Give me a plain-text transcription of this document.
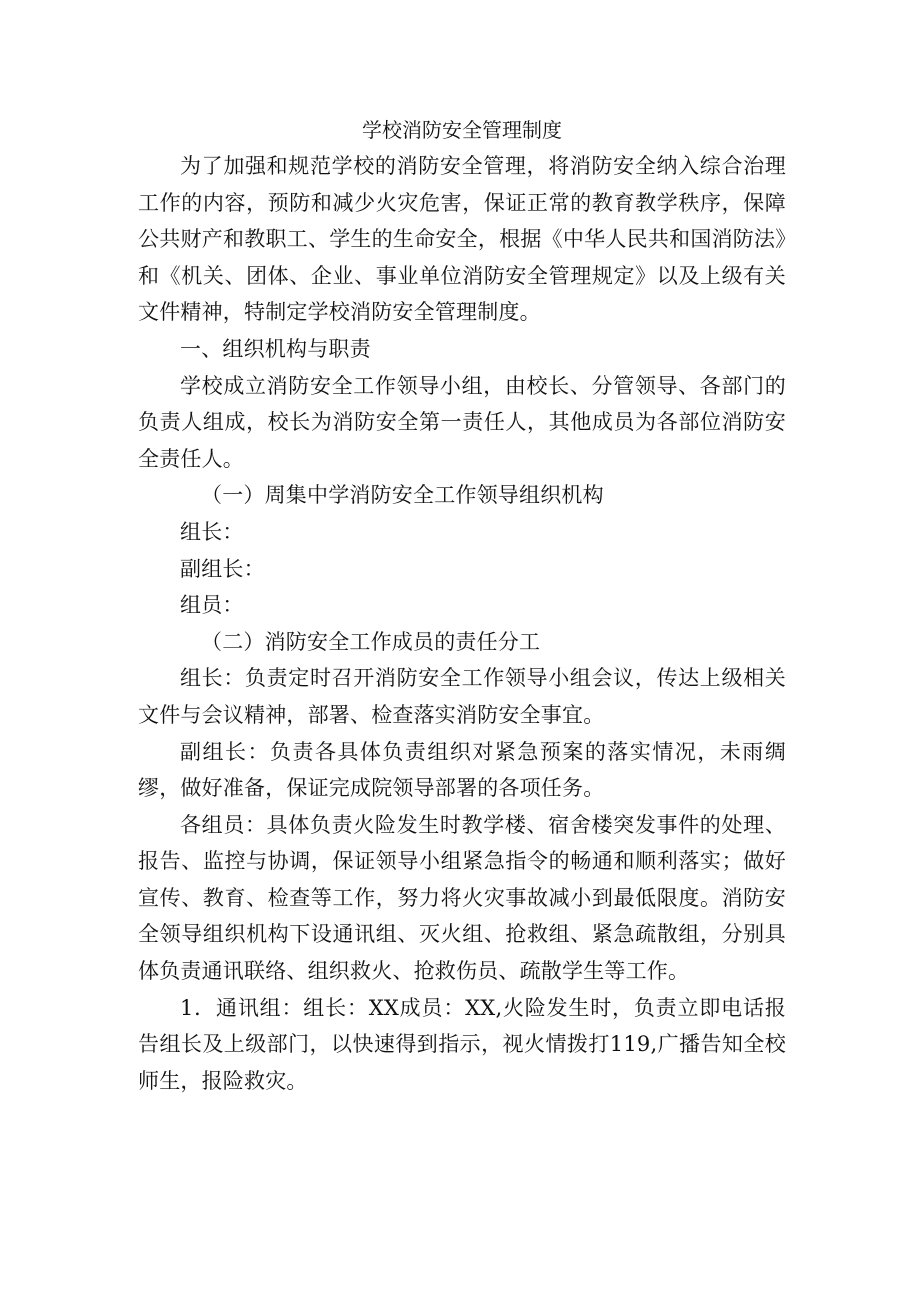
学校消防安全管理制度

为了加强和规范学校的消防安全管理，将消防安全纳入综合治理工作的内容，预防和减少火灾危害，保证正常的教育教学秩序，保障公共财产和教职工、学生的生命安全，根据《中华人民共和国消防法》和《机关、团体、企业、事业单位消防安全管理规定》以及上级有关文件精神，特制定学校消防安全管理制度。

一、组织机构与职责

学校成立消防安全工作领导小组，由校长、分管领导、各部门的负责人组成，校长为消防安全第一责任人，其他成员为各部位消防安全责任人。

（一）周集中学消防安全工作领导组织机构

组长：

副组长：

组员：

（二）消防安全工作成员的责任分工

组长：负责定时召开消防安全工作领导小组会议，传达上级相关文件与会议精神，部署、检查落实消防安全事宜。

副组长：负责各具体负责组织对紧急预案的落实情况，未雨绸缪，做好准备，保证完成院领导部署的各项任务。

各组员：具体负责火险发生时教学楼、宿舍楼突发事件的处理、报告、监控与协调，保证领导小组紧急指令的畅通和顺利落实；做好宣传、教育、检查等工作，努力将火灾事故减小到最低限度。消防安全领导组织机构下设通讯组、灭火组、抢救组、紧急疏散组，分别具体负责通讯联络、组织救火、抢救伤员、疏散学生等工作。

1．通讯组：组长：XX成员：XX,火险发生时，负责立即电话报告组长及上级部门，以快速得到指示，视火情拨打119,广播告知全校师生，报险救灾。
